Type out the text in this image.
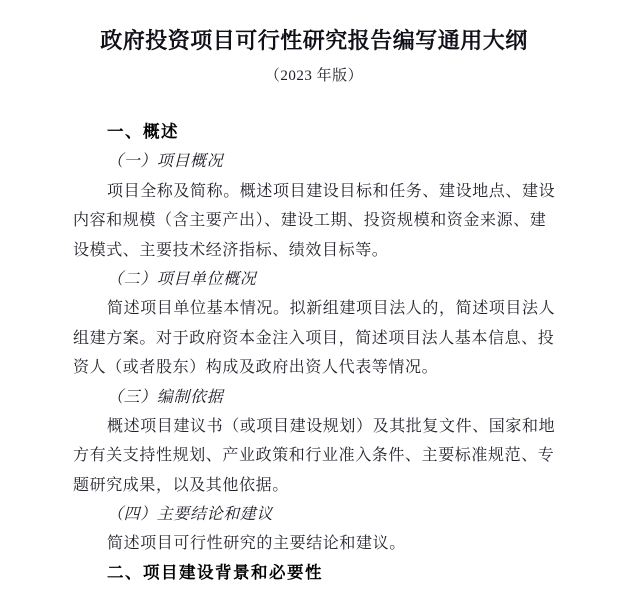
政府投资项目可行性研究报告编写通用大纲
（2023 年版）
一、概述
（一）项目概况
项目全称及简称。概述项目建设目标和任务、建设地点、建设
内容和规模（含主要产出）、建设工期、投资规模和资金来源、建
设模式、主要技术经济指标、绩效目标等。
（二）项目单位概况
简述项目单位基本情况。拟新组建项目法人的，简述项目法人
组建方案。对于政府资本金注入项目，简述项目法人基本信息、投
资人（或者股东）构成及政府出资人代表等情况。
（三）编制依据
概述项目建议书（或项目建设规划）及其批复文件、国家和地
方有关支持性规划、产业政策和行业准入条件、主要标准规范、专
题研究成果，以及其他依据。
（四）主要结论和建议
简述项目可行性研究的主要结论和建议。
二、项目建设背景和必要性
